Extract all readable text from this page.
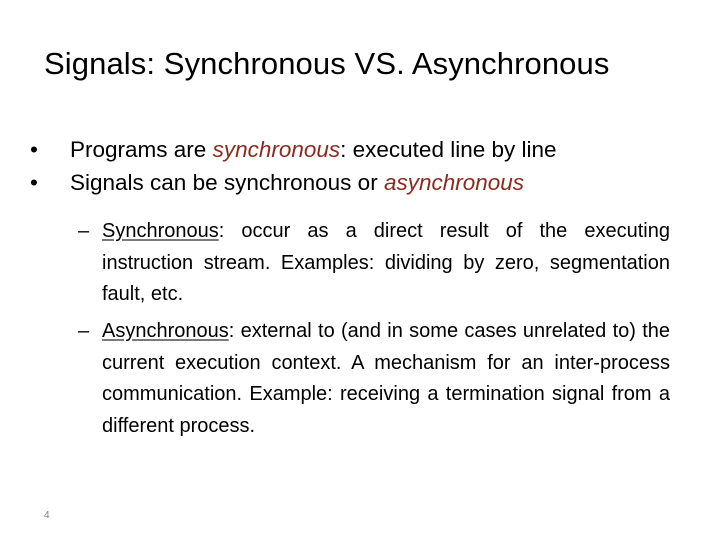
Signals: Synchronous VS. Asynchronous
•	Programs are synchronous: executed line by line
•	Signals can be synchronous or asynchronous
– Synchronous: occur as a direct result of the executing instruction stream. Examples: dividing by zero, segmentation fault, etc.
– Asynchronous: external to (and in some cases unrelated to) the current execution context. A mechanism for an inter-process communication. Example: receiving a termination signal from a different process.
4
